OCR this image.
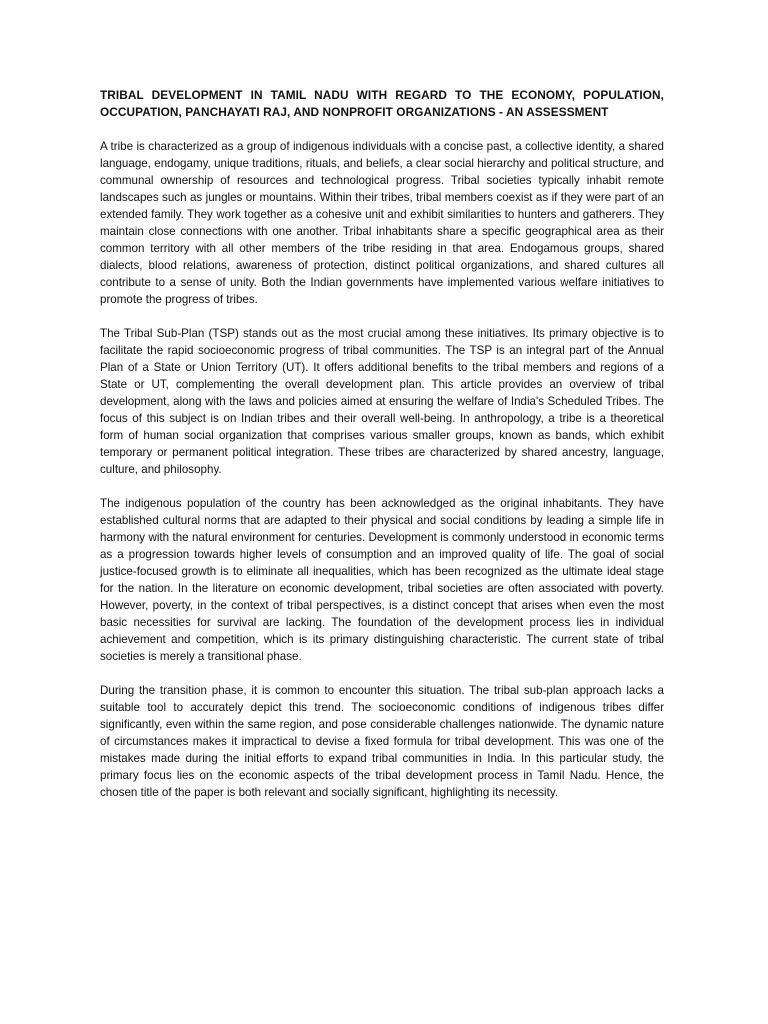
TRIBAL DEVELOPMENT IN TAMIL NADU WITH REGARD TO THE ECONOMY, POPULATION, OCCUPATION, PANCHAYATI RAJ, AND NONPROFIT ORGANIZATIONS - AN ASSESSMENT

A tribe is characterized as a group of indigenous individuals with a concise past, a collective identity, a shared language, endogamy, unique traditions, rituals, and beliefs, a clear social hierarchy and political structure, and communal ownership of resources and technological progress. Tribal societies typically inhabit remote landscapes such as jungles or mountains. Within their tribes, tribal members coexist as if they were part of an extended family. They work together as a cohesive unit and exhibit similarities to hunters and gatherers. They maintain close connections with one another. Tribal inhabitants share a specific geographical area as their common territory with all other members of the tribe residing in that area. Endogamous groups, shared dialects, blood relations, awareness of protection, distinct political organizations, and shared cultures all contribute to a sense of unity. Both the Indian governments have implemented various welfare initiatives to promote the progress of tribes.

The Tribal Sub-Plan (TSP) stands out as the most crucial among these initiatives. Its primary objective is to facilitate the rapid socioeconomic progress of tribal communities. The TSP is an integral part of the Annual Plan of a State or Union Territory (UT). It offers additional benefits to the tribal members and regions of a State or UT, complementing the overall development plan. This article provides an overview of tribal development, along with the laws and policies aimed at ensuring the welfare of India's Scheduled Tribes. The focus of this subject is on Indian tribes and their overall well-being. In anthropology, a tribe is a theoretical form of human social organization that comprises various smaller groups, known as bands, which exhibit temporary or permanent political integration. These tribes are characterized by shared ancestry, language, culture, and philosophy.

The indigenous population of the country has been acknowledged as the original inhabitants. They have established cultural norms that are adapted to their physical and social conditions by leading a simple life in harmony with the natural environment for centuries. Development is commonly understood in economic terms as a progression towards higher levels of consumption and an improved quality of life. The goal of social justice-focused growth is to eliminate all inequalities, which has been recognized as the ultimate ideal stage for the nation. In the literature on economic development, tribal societies are often associated with poverty. However, poverty, in the context of tribal perspectives, is a distinct concept that arises when even the most basic necessities for survival are lacking. The foundation of the development process lies in individual achievement and competition, which is its primary distinguishing characteristic. The current state of tribal societies is merely a transitional phase.

During the transition phase, it is common to encounter this situation. The tribal sub-plan approach lacks a suitable tool to accurately depict this trend. The socioeconomic conditions of indigenous tribes differ significantly, even within the same region, and pose considerable challenges nationwide. The dynamic nature of circumstances makes it impractical to devise a fixed formula for tribal development. This was one of the mistakes made during the initial efforts to expand tribal communities in India. In this particular study, the primary focus lies on the economic aspects of the tribal development process in Tamil Nadu. Hence, the chosen title of the paper is both relevant and socially significant, highlighting its necessity.
